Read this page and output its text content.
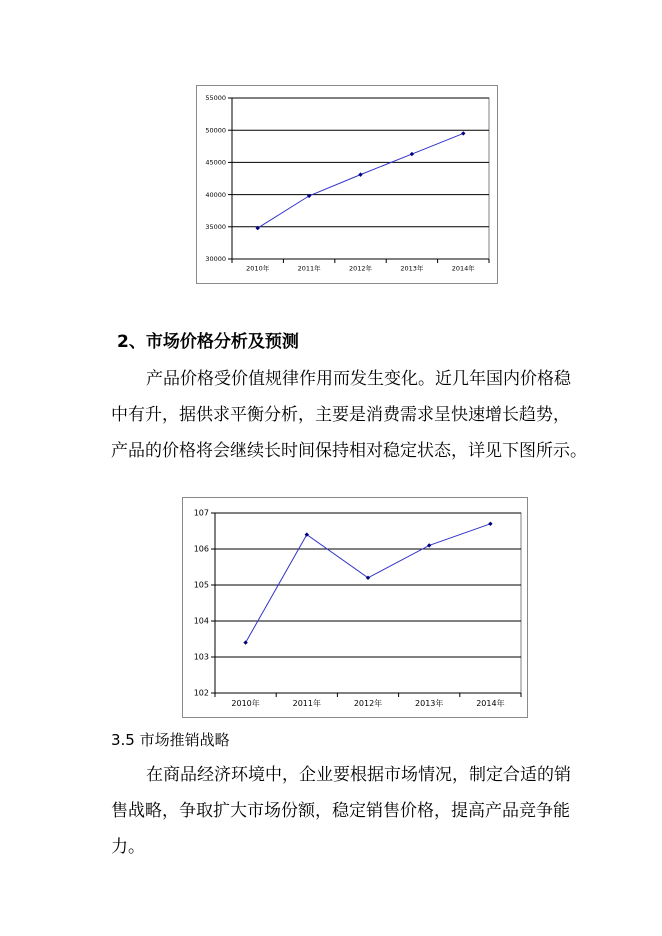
30000
35000
40000
45000
50000
55000
2010年	2011年	2012年	2013年	2014年
2、市场价格分析及预测
产品价格受价值规律作用而发生变化。近几年国内价格稳
中有升，据供求平衡分析，主要是消费需求呈快速增长趋势，
产品的价格将会继续长时间保持相对稳定状态，详见下图所示。
102
103
104
105
106
107
2010年	2011年	2012年	2013年	2014年
3.5 市场推销战略
在商品经济环境中，企业要根据市场情况，制定合适的销
售战略，争取扩大市场份额，稳定销售价格，提高产品竞争能
力。
